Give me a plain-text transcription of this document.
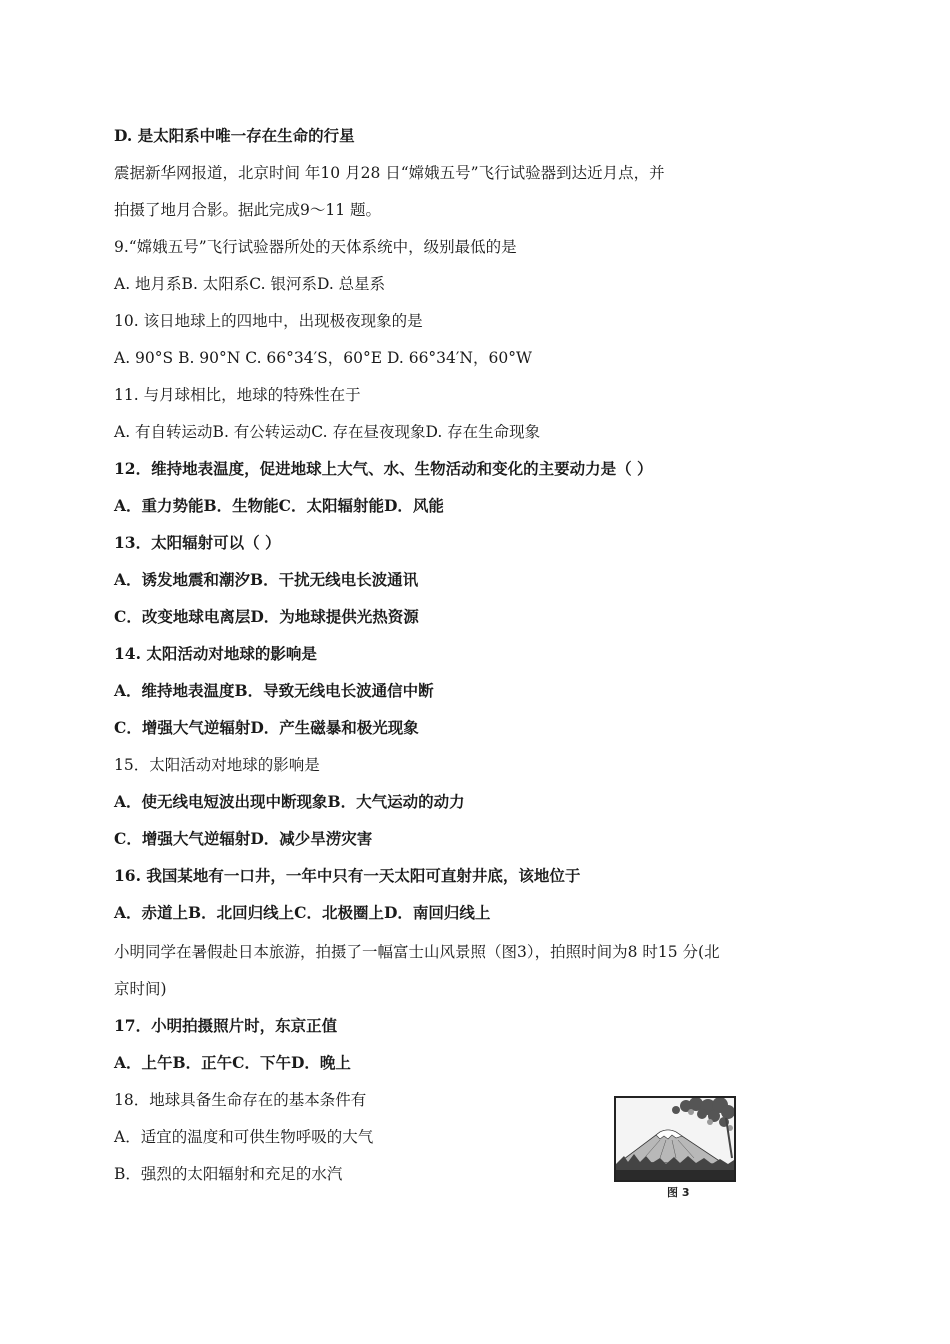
D. 是太阳系中唯一存在生命的行星
震据新华网报道，北京时间 年10 月28 日“嫦娥五号”飞行试验器到达近月点，并
拍摄了地月合影。据此完成9～11 题。
9.“嫦娥五号”飞行试验器所处的天体系统中，级别最低的是
A. 地月系B. 太阳系C. 银河系D. 总星系
10. 该日地球上的四地中，出现极夜现象的是
A. 90°S B. 90°N C. 66°34′S，60°E D. 66°34′N，60°W
11. 与月球相比，地球的特殊性在于
A. 有自转运动B. 有公转运动C. 存在昼夜现象D. 存在生命现象
12．维持地表温度，促进地球上大气、水、生物活动和变化的主要动力是（ ）
A．重力势能B．生物能C．太阳辐射能D．风能
13．太阳辐射可以（ ）
A．诱发地震和潮汐B．干扰无线电长波通讯
C．改变地球电离层D．为地球提供光热资源
14. 太阳活动对地球的影响是
A．维持地表温度B．导致无线电长波通信中断
C．增强大气逆辐射D．产生磁暴和极光现象
15．太阳活动对地球的影响是
A．使无线电短波出现中断现象B．大气运动的动力
C．增强大气逆辐射D．减少旱涝灾害
16. 我国某地有一口井，一年中只有一天太阳可直射井底，该地位于
A．赤道上B．北回归线上C．北极圈上D．南回归线上
小明同学在暑假赴日本旅游，拍摄了一幅富士山风景照（图3），拍照时间为8 时15 分(北
京时间)
17．小明拍摄照片时，东京正值
A．上午B．正午C．下午D．晚上
18．地球具备生命存在的基本条件有
A．适宜的温度和可供生物呼吸的大气
B．强烈的太阳辐射和充足的水汽
图 3
